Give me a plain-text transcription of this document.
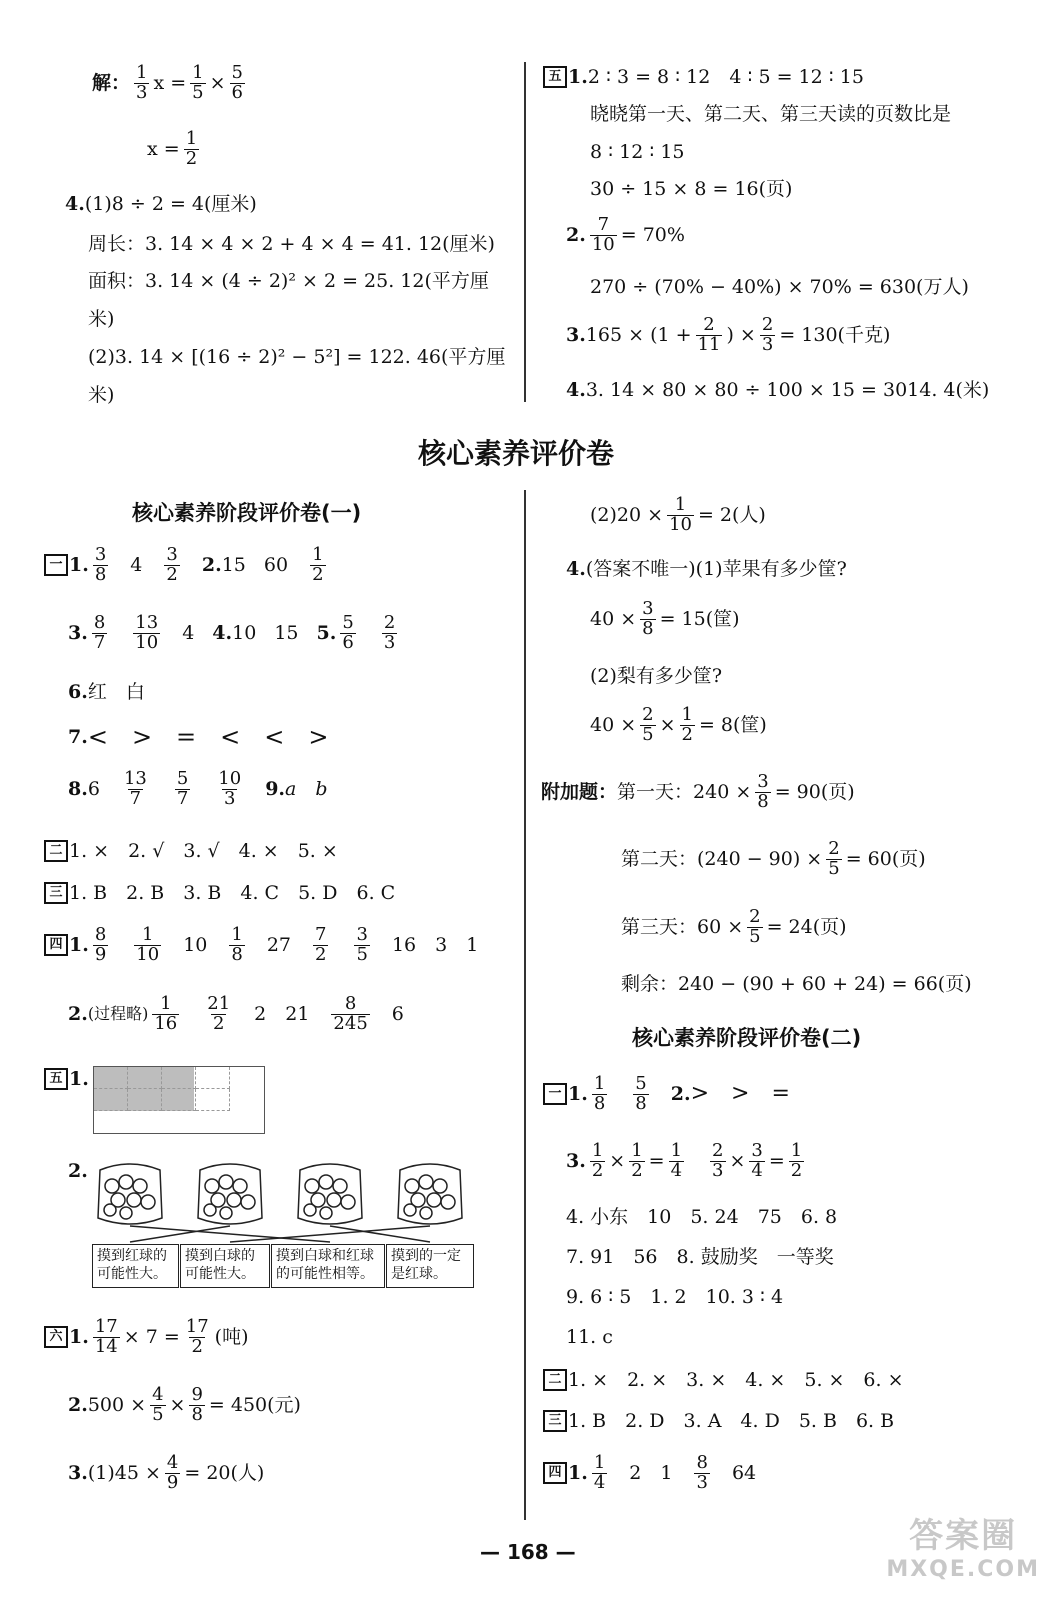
解： 1
3 $x = \frac{1}{5} \times \frac{5}{6}$
$x = \frac{1}{2}$
4. (1)8 ÷ 2 = 4(厘米)
周长：3. 14 × 4 × 2 + 4 × 4 = 41. 12(厘米)
面积：3. 14 × (4 ÷ 2)² × 2 = 25. 12(平方厘
米)
(2)3. 14 × [(16 ÷ 2)² − 5²] = 122. 46(平方厘
米)
五 1. 2 ∶ 3 = 8 ∶ 12　4 ∶ 5 = 12 ∶ 15
晓晓第一天、第二天、第三天读的页数比是
8 ∶ 12 ∶ 15
30 ÷ 15 × 8 = 16(页)
2. $\frac{7}{10} = 70\%$
270 ÷ (70% − 40%) × 70% = 630(万人)
3. $165 \times (1 + \frac{2}{11}$ ) × $\frac{2}{3} = 130$(千克)
4. 3. 14 × 80 × 80 ÷ 100 × 15 = 3014. 4(米)
核心素养评价卷
核心素养阶段评价卷(一)
一 1. 3
8 4 3
2 2. 15 60 1
2
3. 8
7
13
10 4 4. 10 15 5. 5
6
2
3
6. 红　白
7. <　>　=　<　<　>
8. 6 13
7
5
7
10
3 9. a　b
二 1. ×　2. √　3. √　4. ×　5. ×
三 1. B　2. B　3. B　4. C　5. D　6. C
四 1. 8
9
1
10 10 1
8 27 7
2
3
5 16　3　1
2. (过程略) 1
16
21
2 2　21 8
245 6
五 1.
2.
摸到红球的可能性大。
摸到白球的可能性大。
摸到白球和红球的可能性相等。
摸到的一定是红球。
六 1. $\frac{17}{14} \times 7 = \frac{17}{2}$ (吨)
2. $500 \times \frac{4}{5} \times \frac{9}{8} = 450$(元)
3. $(1)45 \times \frac{4}{9} = 20$(人)
$(2)20 \times \frac{1}{10} = 2$(人)
4. (答案不唯一)(1)苹果有多少筐?
$40 \times \frac{3}{8} = 15$(筐)
(2)梨有多少筐?
$40 \times \frac{2}{5} \times \frac{1}{2} = 8$(筐)
附加题： 第一天：$240 \times \frac{3}{8} = 90$(页)
第二天：$(240 - 90) \times \frac{2}{5} = 60$(页)
第三天：$60 \times \frac{2}{5} = 24$(页)
剩余：240 − (90 + 60 + 24) = 66(页)
核心素养阶段评价卷(二)
一 1. 1
8
5
8 2. >　>　=
3. $\frac{1}{2} \times \frac{1}{2} = \frac{1}{4} \frac{2}{3} \times \frac{3}{4} = \frac{1}{2}$
4. 小东　10　5. 24　75　6. 8
7. 91　56　8. 鼓励奖　一等奖
9. 6 ∶ 5　1. 2　10. 3 ∶ 4
11. c
二 1. ×　2. ×　3. ×　4. ×　5. ×　6. ×
三 1. B　2. D　3. A　4. D　5. B　6. B
四 1. 1
4 2　1 8
3 64
— 168 —	答案圈
MXQE.COM
